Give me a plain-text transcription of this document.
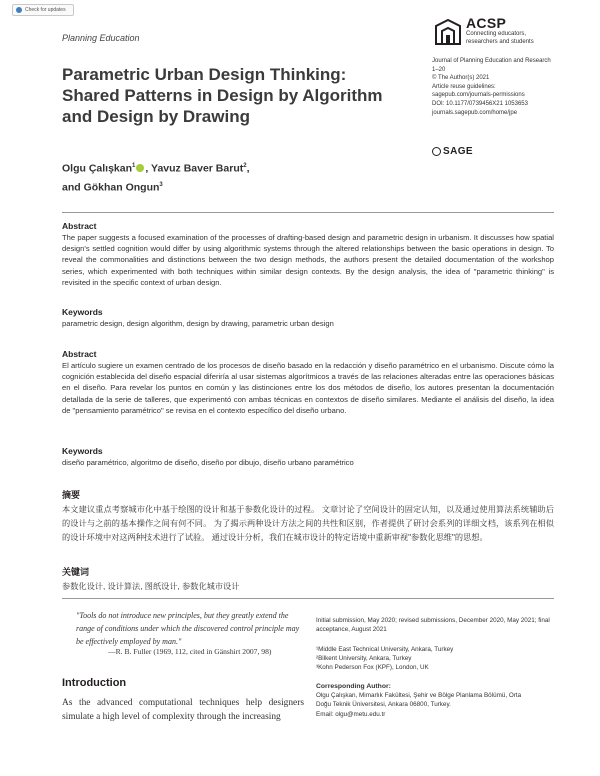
Check for updates
Planning Education
ACSP
Connecting educators,
researchers and students
Journal of Planning Education and Research
1–20
© The Author(s) 2021
Article reuse guidelines:
sagepub.com/journals-permissions
DOI: 10.1177/0739456X21 1053653
journals.sagepub.com/home/jpe
SAGE
Parametric Urban Design Thinking:
Shared Patterns in Design by Algorithm
and Design by Drawing
Olgu Çalışkan$^1$ , Yavuz Baver Barut$^2$,
and Gökhan Ongun$^3$
Abstract
The paper suggests a focused examination of the processes of drafting-based design and parametric design in urbanism. It discusses how spatial design's settled cognition would differ by using algorithmic systems through the altered relationships between the basic operations in design. To reveal the commonalities and distinctions between the two design methods, the authors present the detailed documentation of the workshop series, which experimented with both techniques within similar design contexts. By the design analysis, the idea of "parametric thinking" is revisited in the specific context of urban design.
Keywords
parametric design, design algorithm, design by drawing, parametric urban design
Abstract
El artículo sugiere un examen centrado de los procesos de diseño basado en la redacción y diseño paramétrico en el urbanismo. Discute cómo la cognición establecida del diseño espacial diferiría al usar sistemas algorítmicos a través de las relaciones alteradas entre las operaciones básicas en el diseño. Para revelar los puntos en común y las distinciones entre los dos métodos de diseño, los autores presentan la documentación detallada de la serie de talleres, que experimentó con ambas técnicas en contextos de diseño similares. Mediante el análisis del diseño, la idea de "pensamiento paramétrico" se revisa en el contexto específico del diseño urbano.
Keywords
diseño paramétrico, algoritmo de diseño, diseño por dibujo, diseño urbano paramétrico
摘要
本文建议重点考察城市化中基于绘图的设计和基于参数化设计的过程。 文章讨论了空间设计的固定认知，以及通过使用算法系统辅助后的设计与之前的基本操作之间有何不同。 为了揭示两种设计方法之间的共性和区别，作者提供了研讨会系列的详细文档，该系列在相似的设计环境中对这两种技术进行了试验。 通过设计分析，我们在城市设计的特定语境中重新审视"参数化思维"的思想。
关键词
参数化设计, 设计算法, 图纸设计, 参数化城市设计
"Tools do not introduce new principles, but they greatly extend the range of conditions under which the discovered control principle may be effectively employed by man."
—R. B. Fuller (1969, 112, cited in Gänshirt 2007, 98)
Introduction
As the advanced computational techniques help designers simulate a high level of complexity through the increasing
Initial submission, May 2020; revised submissions, December 2020, May 2021; final acceptance, August 2021
¹Middle East Technical University, Ankara, Turkey
²Bilkent University, Ankara, Turkey
³Kohn Pederson Fox (KPF), London, UK
Corresponding Author:
Olgu Çalışkan, Mimarlık Fakültesi, Şehir ve Bölge Planlama Bölümü, Orta
Doğu Teknik Üniversitesi, Ankara 06800, Turkey.
Email: olgu@metu.edu.tr
